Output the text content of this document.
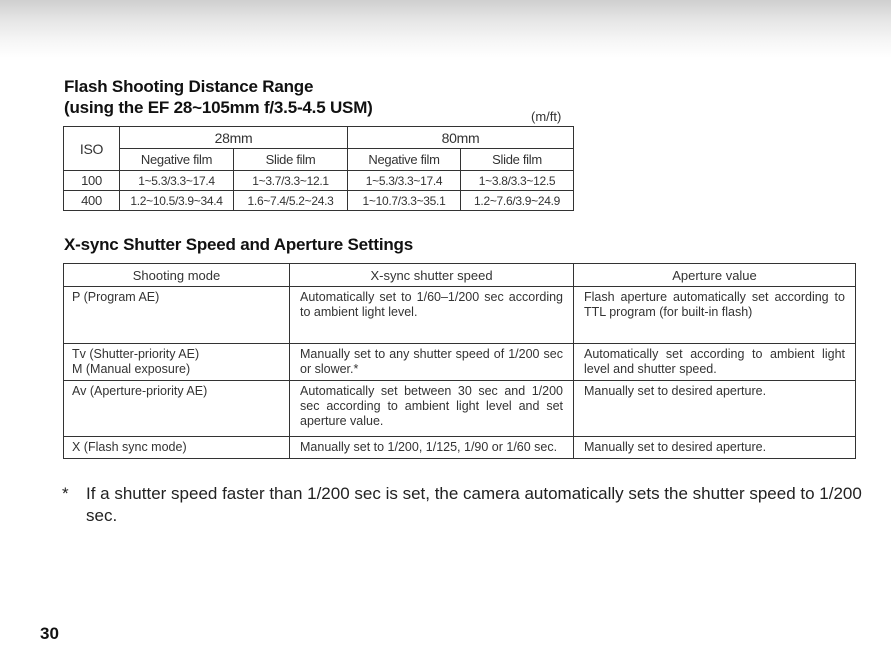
Flash Shooting Distance Range
(using the EF 28~105mm f/3.5-4.5 USM)	(m/ft)
ISO	28mm		80mm	
	Negative film	Slide film	Negative film	Slide film
100	1~5.3/3.3~17.4	1~3.7/3.3~12.1	1~5.3/3.3~17.4	1~3.8/3.3~12.5
400	1.2~10.5/3.9~34.4	1.6~7.4/5.2~24.3	1~10.7/3.3~35.1	1.2~7.6/3.9~24.9
X-sync Shutter Speed and Aperture Settings
Shooting mode	X-sync shutter speed	Aperture value
P (Program AE)	Automatically set to 1/60–1/200 sec according to ambient light level.	Flash aperture automatically set according to TTL program (for built-in flash)
Tv (Shutter-priority AE)
M (Manual exposure)	Manually set to any shutter speed of 1/200 sec or slower.*	Automatically set according to ambient light level and shutter speed.
Av (Aperture-priority AE)	Automatically set between 30 sec and 1/200 sec according to ambient light level and set aperture value.	Manually set to desired aperture.
X (Flash sync mode)	Manually set to 1/200, 1/125, 1/90 or 1/60 sec.	Manually set to desired aperture.
* If a shutter speed faster than 1/200 sec is set, the camera automatically sets the shutter speed to 1/200 sec.
30
